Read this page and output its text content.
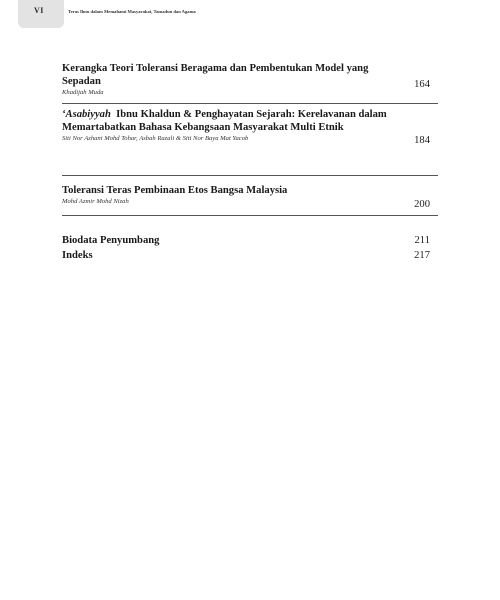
VI	Teras Ilmu dalam Memahami Masyarakat, Tamadun dan Agama
Kerangka Teori Toleransi Beragama dan Pembentukan Model yang Sepadan
Khadijah Muda
164
‘Asabiyyah Ibnu Khaldun & Penghayatan Sejarah: Kerelavanan dalam Memartabatkan Bahasa Kebangsaan Masyarakat Multi Etnik
Siti Nor Azhani Mohd Tohar, Asbah Razali & Siti Nor Baya Mat Yacob	184
Toleransi Teras Pembinaan Etos Bangsa Malaysia
Mohd Azmir Mohd Nizah	200
Biodata Penyumbang	211
Indeks	217
